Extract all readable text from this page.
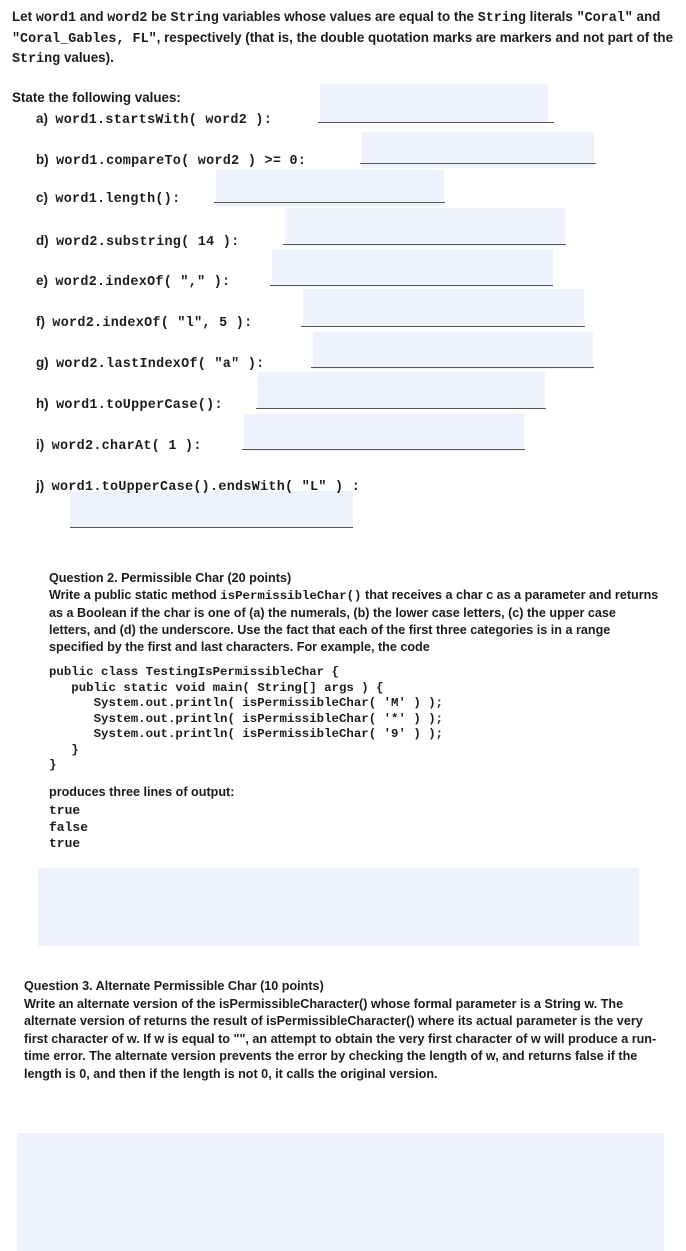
Let word1 and word2 be String variables whose values are equal to the String literals "Coral" and "Coral_Gables, FL", respectively (that is, the double quotation marks are markers and not part of the String values).
State the following values:
a)
word1.startsWith( word2 ):
b)
word1.compareTo( word2 ) >= 0:
c)
word1.length():
d)
word2.substring( 14 ):
e)
word2.indexOf( "," ):
f)
word2.indexOf( "l", 5 ):
g)
word2.lastIndexOf( "a" ):
h)
word1.toUpperCase():
i)
word2.charAt( 1 ):
j)
word1.toUpperCase().endsWith( "L" ) :
Question 2. Permissible Char (20 points)
Write a public static method isPermissibleChar() that receives a char c as a parameter and returns as a Boolean if the char is one of (a) the numerals, (b) the lower case letters, (c) the upper case letters, and (d) the underscore. Use the fact that each of the first three categories is in a range specified by the first and last characters. For example, the code
public class TestingIsPermissibleChar {
public static void main( String[] args ) {
System.out.println( isPermissibleChar( 'M' ) );
System.out.println( isPermissibleChar( '*' ) );
System.out.println( isPermissibleChar( '9' ) );
}
}
produces three lines of output:
true
false
true
Question 3. Alternate Permissible Char (10 points)
Write an alternate version of the isPermissibleCharacter() whose formal parameter is a String w. The alternate version of returns the result of isPermissibleCharacter() where its actual parameter is the very first character of w. If w is equal to "", an attempt to obtain the very first character of w will produce a run-time error. The alternate version prevents the error by checking the length of w, and returns false if the length is 0, and then if the length is not 0, it calls the original version.
